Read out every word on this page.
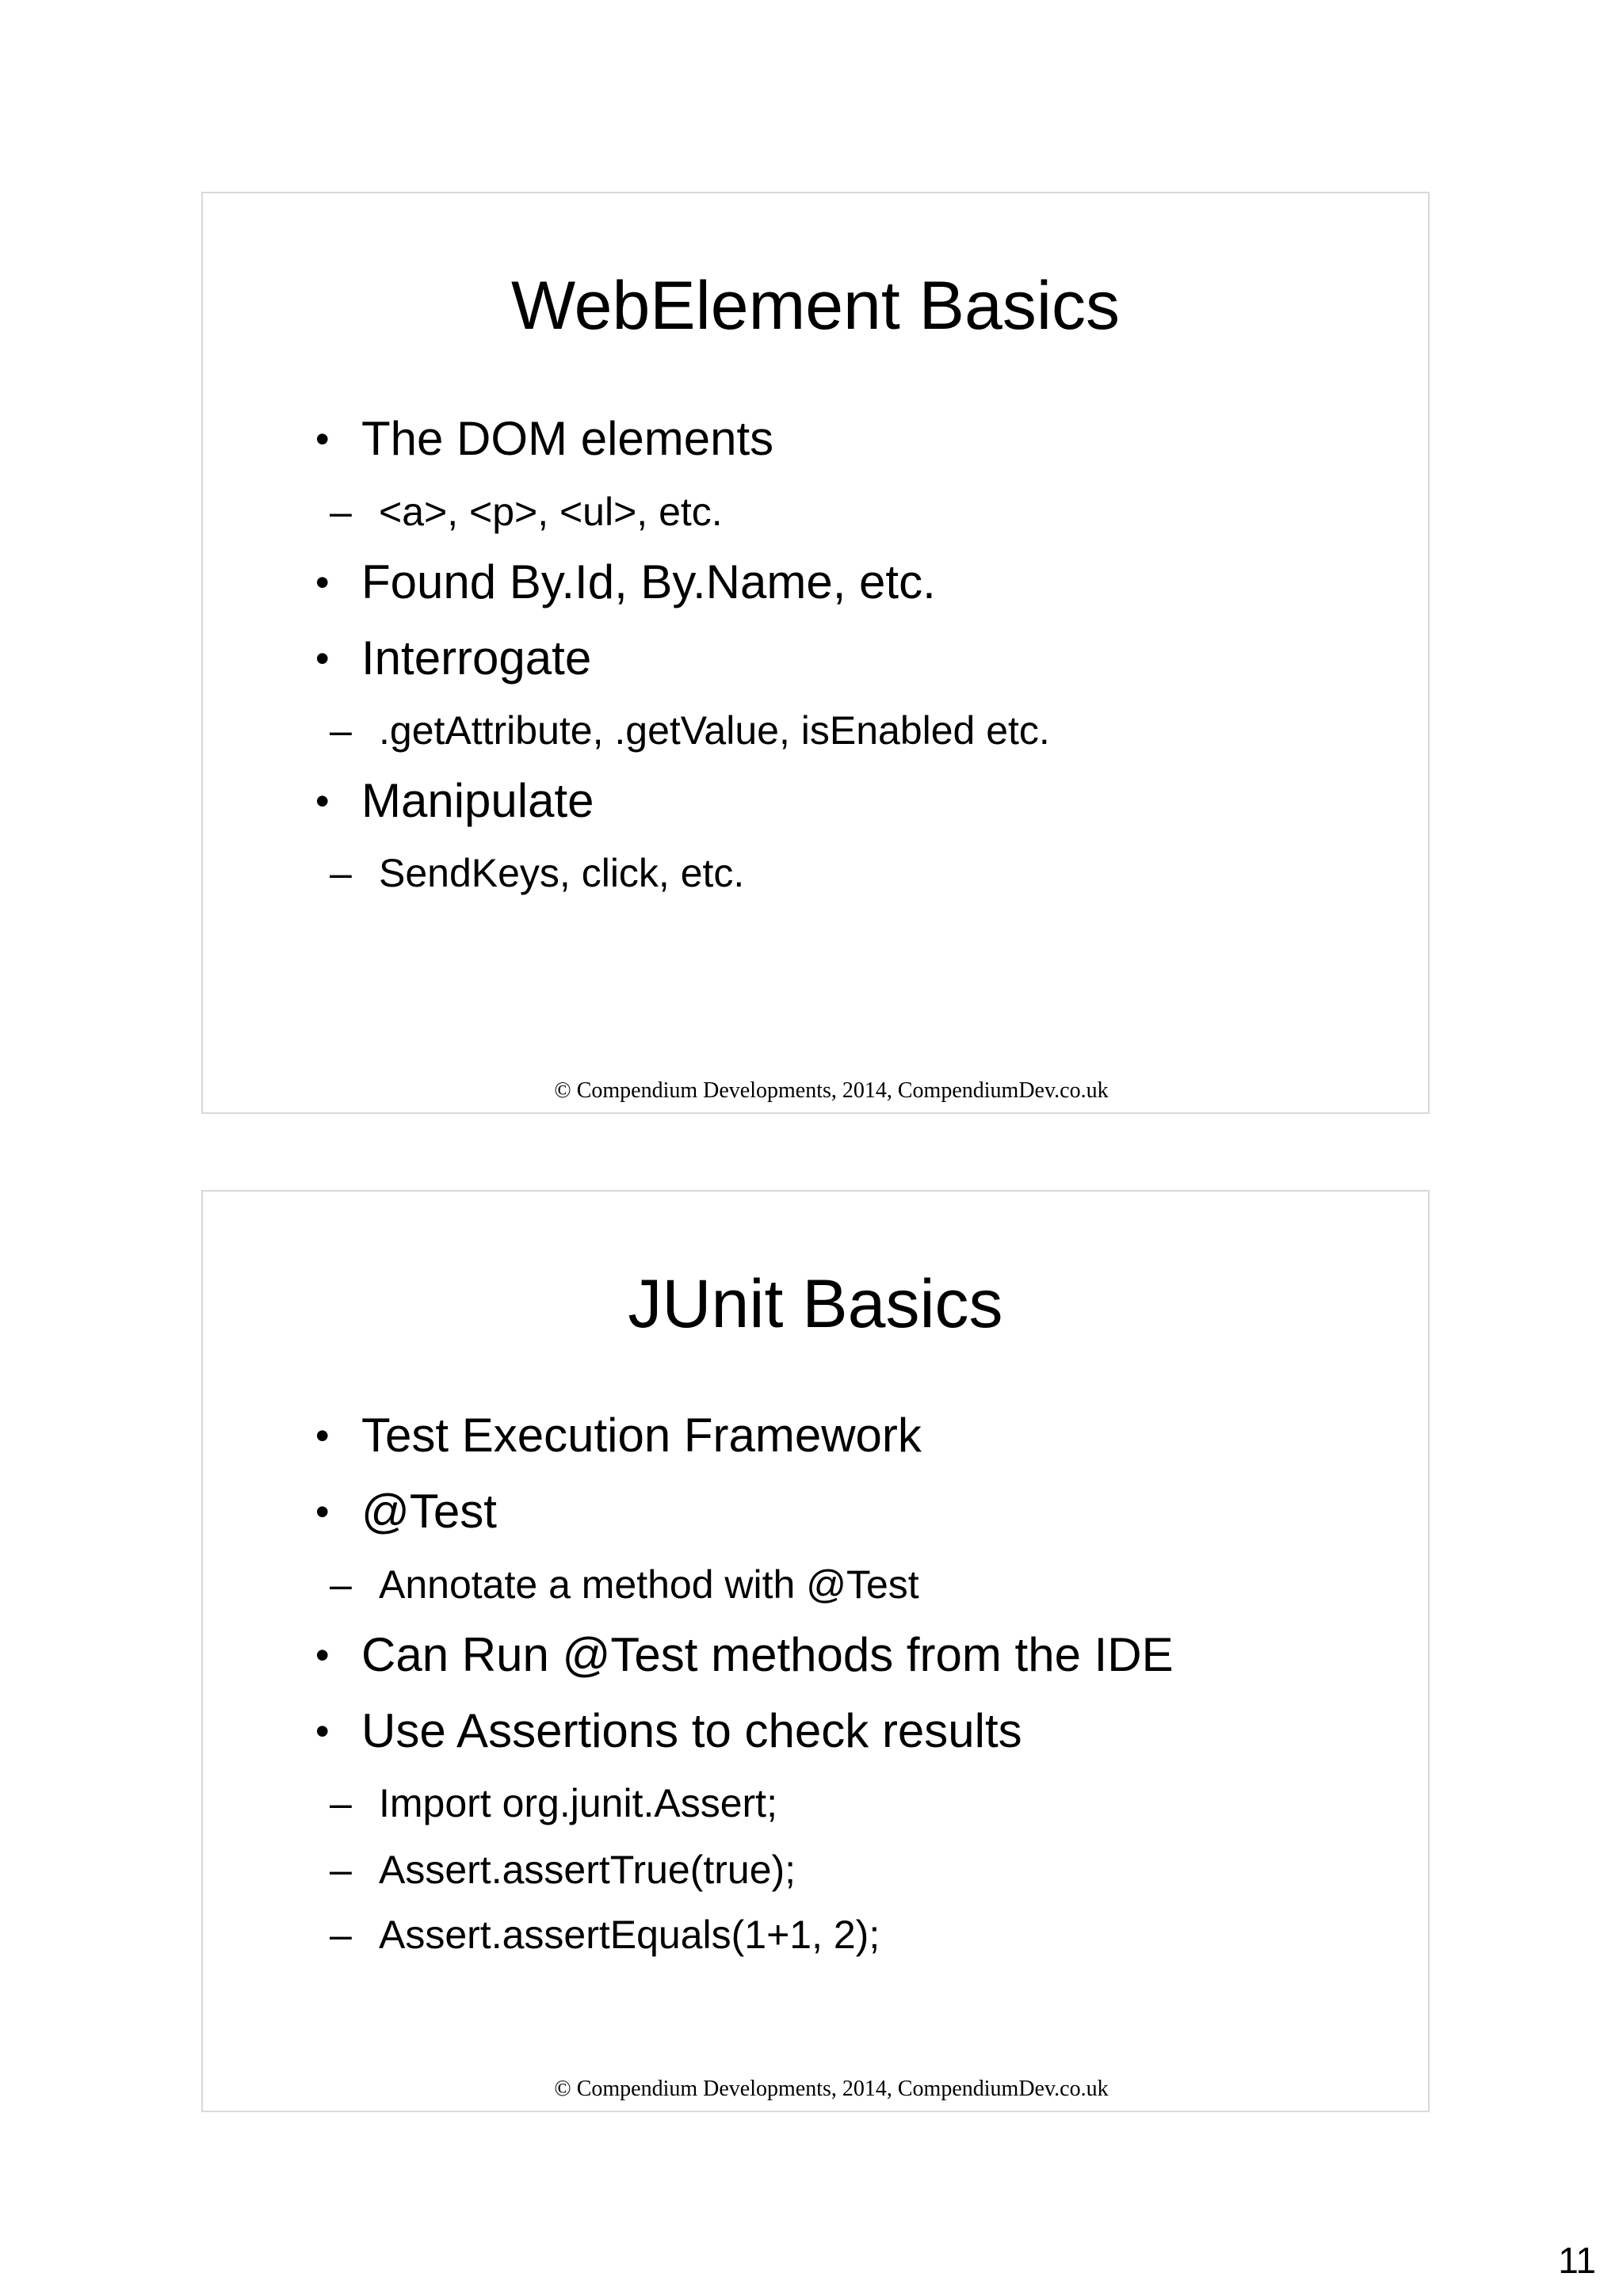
WebElement Basics
• The DOM elements
– <a>, <p>, <ul>, etc.
• Found By.Id, By.Name, etc.
• Interrogate
– .getAttribute, .getValue, isEnabled etc.
• Manipulate
– SendKeys, click, etc.
© Compendium Developments, 2014, CompendiumDev.co.uk
JUnit Basics
• Test Execution Framework
• @Test
– Annotate a method with @Test
• Can Run @Test methods from the IDE
• Use Assertions to check results
– Import org.junit.Assert;
– Assert.assertTrue(true);
– Assert.assertEquals(1+1, 2);
© Compendium Developments, 2014, CompendiumDev.co.uk
11
